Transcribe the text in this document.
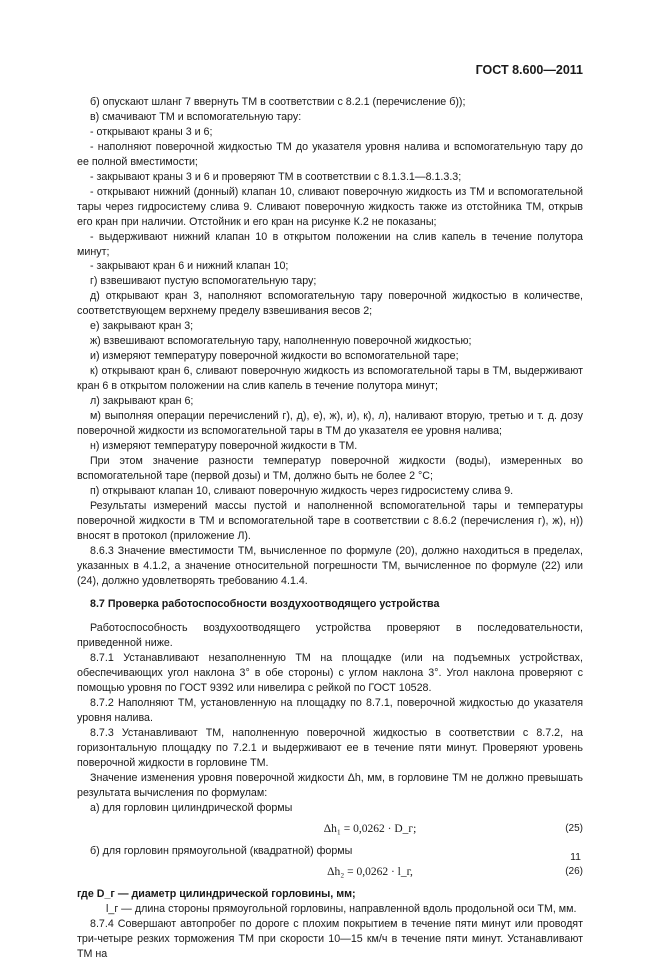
ГОСТ 8.600—2011

б) опускают шланг 7 ввернуть ТМ в соответствии с 8.2.1 (перечисление б));

в) смачивают ТМ и вспомогательную тару:

- открывают краны 3 и 6;

- наполняют поверочной жидкостью ТМ до указателя уровня налива и вспомогательную тару до ее полной вместимости;

- закрывают краны 3 и 6 и проверяют ТМ в соответствии с 8.1.3.1—8.1.3.3;

- открывают нижний (донный) клапан 10, сливают поверочную жидкость из ТМ и вспомогательной тары через гидросистему слива 9. Сливают поверочную жидкость также из отстойника ТМ, открыв его кран при наличии. Отстойник и его кран на рисунке К.2 не показаны;

- выдерживают нижний клапан 10 в открытом положении на слив капель в течение полутора минут;

- закрывают кран 6 и нижний клапан 10;

г) взвешивают пустую вспомогательную тару;

д) открывают кран 3, наполняют вспомогательную тару поверочной жидкостью в количестве, соответствующем верхнему пределу взвешивания весов 2;

е) закрывают кран 3;

ж) взвешивают вспомогательную тару, наполненную поверочной жидкостью;

и) измеряют температуру поверочной жидкости во вспомогательной таре;

к) открывают кран 6, сливают поверочную жидкость из вспомогательной тары в ТМ, выдерживают кран 6 в открытом положении на слив капель в течение полутора минут;

л) закрывают кран 6;

м) выполняя операции перечислений г), д), е), ж), и), к), л), наливают вторую, третью и т. д. дозу поверочной жидкости из вспомогательной тары в ТМ до указателя ее уровня налива;

н) измеряют температуру поверочной жидкости в ТМ.

При этом значение разности температур поверочной жидкости (воды), измеренных во вспомогательной таре (первой дозы) и ТМ, должно быть не более 2 °С;

п) открывают клапан 10, сливают поверочную жидкость через гидросистему слива 9.

Результаты измерений массы пустой и наполненной вспомогательной тары и температуры поверочной жидкости в ТМ и вспомогательной таре в соответствии с 8.6.2 (перечисления г), ж), н)) вносят в протокол (приложение Л).

8.6.3 Значение вместимости ТМ, вычисленное по формуле (20), должно находиться в пределах, указанных в 4.1.2, а значение относительной погрешности ТМ, вычисленное по формуле (22) или (24), должно удовлетворять требованию 4.1.4.

8.7 Проверка работоспособности воздухоотводящего устройства

Работоспособность воздухоотводящего устройства проверяют в последовательности, приведенной ниже.

8.7.1 Устанавливают незаполненную ТМ на площадке (или на подъемных устройствах, обеспечивающих угол наклона 3° в обе стороны) с углом наклона 3°. Угол наклона проверяют с помощью уровня по ГОСТ 9392 или нивелира с рейкой по ГОСТ 10528.

8.7.2 Наполняют ТМ, установленную на площадку по 8.7.1, поверочной жидкостью до указателя уровня налива.

8.7.3 Устанавливают ТМ, наполненную поверочной жидкостью в соответствии с 8.7.2, на горизонтальную площадку по 7.2.1 и выдерживают ее в течение пяти минут. Проверяют уровень поверочной жидкости в горловине ТМ.

Значение изменения уровня поверочной жидкости Δh, мм, в горловине ТМ не должно превышать результата вычисления по формулам:

а) для горловин цилиндрической формы

Δh₁ = 0,0262 · D_г;	(25)

б) для горловин прямоугольной (квадратной) формы

Δh₂ = 0,0262 · l_г,	(26)

где D_г — диаметр цилиндрической горловины, мм;

l_г — длина стороны прямоугольной горловины, направленной вдоль продольной оси ТМ, мм.

8.7.4 Совершают автопробег по дороге с плохим покрытием в течение пяти минут или проводят три-четыре резких торможения ТМ при скорости 10—15 км/ч в течение пяти минут. Устанавливают ТМ на

11
